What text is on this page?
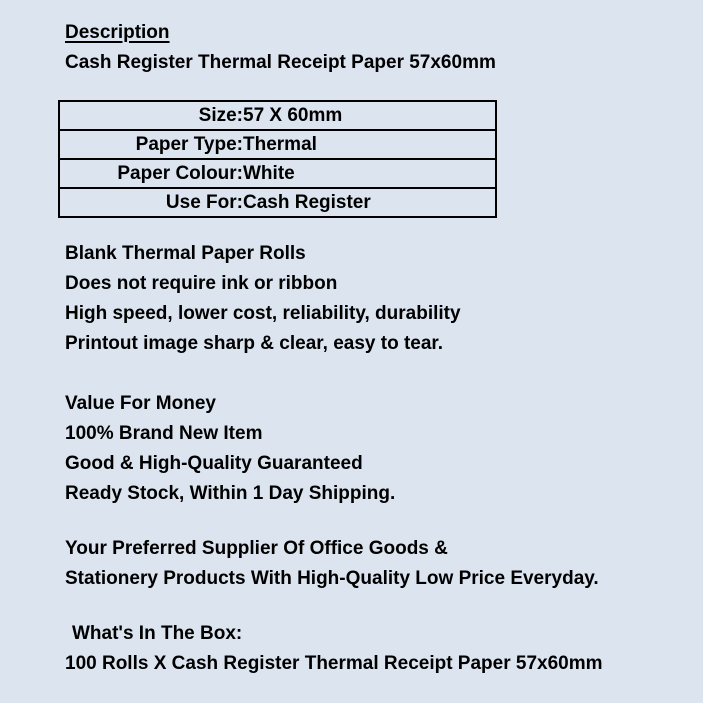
Description
Cash Register Thermal Receipt Paper 57x60mm
Size:	57 X 60mm
Paper Type:	Thermal
Paper Colour:	White
Use For:	Cash Register
Blank Thermal Paper Rolls
Does not require ink or ribbon
High speed, lower cost, reliability, durability
Printout image sharp & clear, easy to tear.
Value For Money
100% Brand New Item
Good & High-Quality Guaranteed
Ready Stock, Within 1 Day Shipping.
Your Preferred Supplier Of Office Goods &
Stationery Products With High-Quality Low Price Everyday.
What's In The Box:
100 Rolls X Cash Register Thermal Receipt Paper 57x60mm
